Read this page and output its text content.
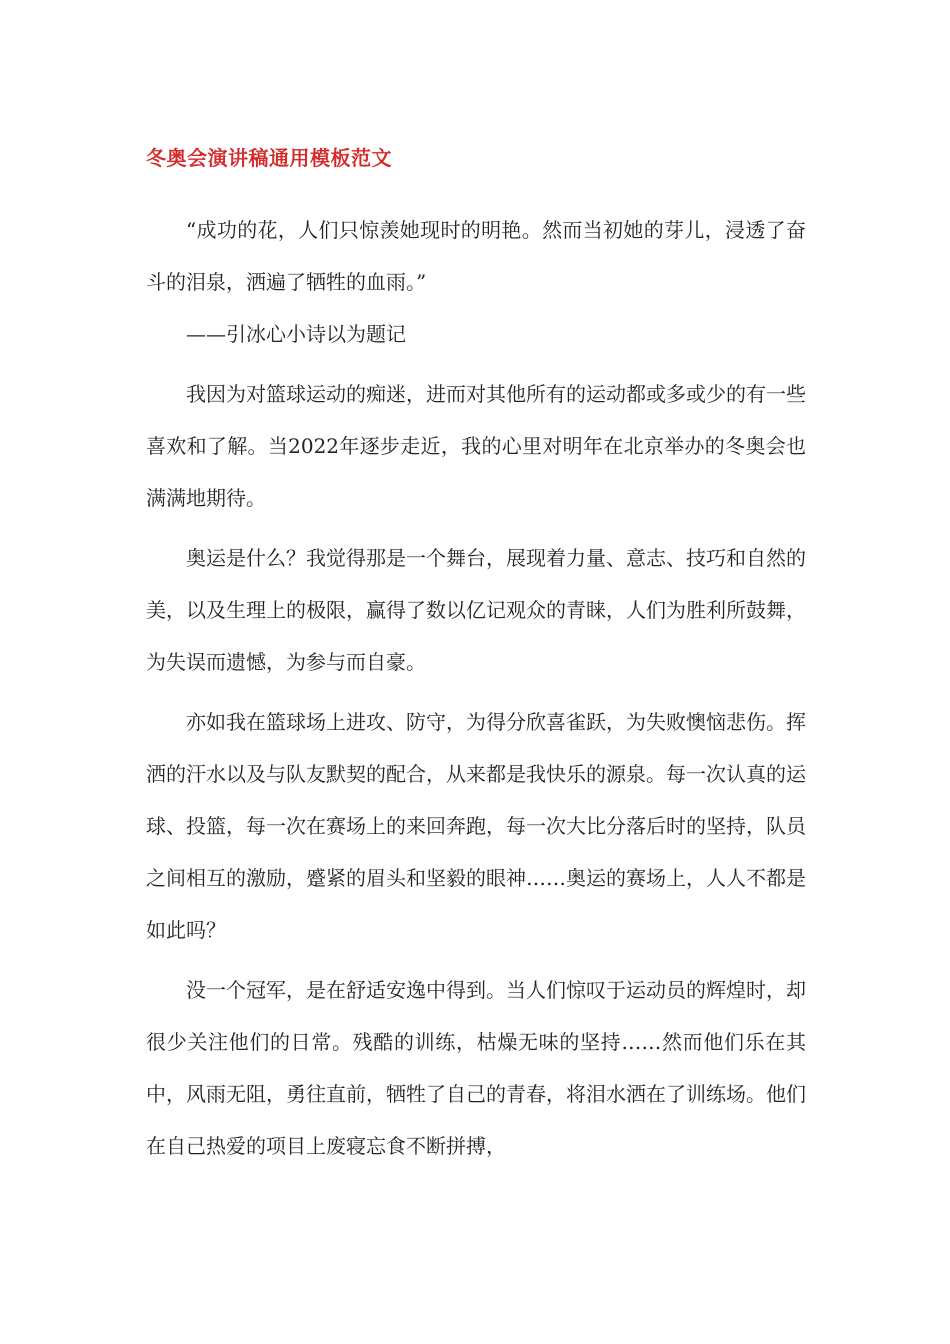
冬奥会演讲稿通用模板范文

“成功的花，人们只惊羡她现时的明艳。然而当初她的芽儿，浸透了奋斗的泪泉，洒遍了牺牲的血雨。”

——引冰心小诗以为题记

我因为对篮球运动的痴迷，进而对其他所有的运动都或多或少的有一些喜欢和了解。当2022年逐步走近，我的心里对明年在北京举办的冬奥会也满满地期待。

奥运是什么？我觉得那是一个舞台，展现着力量、意志、技巧和自然的美，以及生理上的极限，赢得了数以亿记观众的青睐，人们为胜利所鼓舞，为失误而遗憾，为参与而自豪。

亦如我在篮球场上进攻、防守，为得分欣喜雀跃，为失败懊恼悲伤。挥洒的汗水以及与队友默契的配合，从来都是我快乐的源泉。每一次认真的运球、投篮，每一次在赛场上的来回奔跑，每一次大比分落后时的坚持，队员之间相互的激励，蹙紧的眉头和坚毅的眼神……奥运的赛场上，人人不都是如此吗？

没一个冠军，是在舒适安逸中得到。当人们惊叹于运动员的辉煌时，却很少关注他们的日常。残酷的训练，枯燥无味的坚持……然而他们乐在其中，风雨无阻，勇往直前，牺牲了自己的青春，将泪水洒在了训练场。他们在自己热爱的项目上废寝忘食不断拼搏，
